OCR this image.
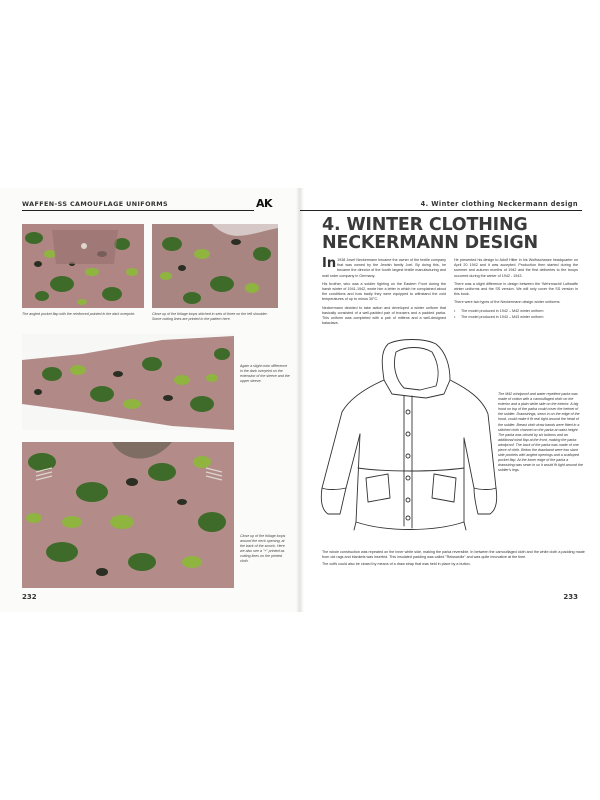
WAFFEN-SS CAMOUFLAGE UNIFORMS	AK
The angled pocket flap with the reinforced pointed in the dark overprint.	Close up of the foliage loops stitched in sets of three on the left shoulder. Some cutting lines are printed in the pattern here.
Again a slight color difference in the dark overprint on the extension of the sleeve and the upper sleeve.
Close up of the foliage loops around the neck opening, at the back of the smock. Here we also see a "+" printed as cutting lines on the printed cloth.
232
4. Winter clothing Neckermann design
4. WINTER CLOTHING
NECKERMANN DESIGN

In 1938 Josef Neckermann became the owner of the textile company that was owned by the Jewish family Joel. By doing this, he became the director of the fourth largest textile manufacturing and mail order company in Germany.

His brother, who was a soldier fighting on the Eastern Front during the harsh winter of 1941-1942, wrote him a letter in which he complained about the conditions and how badly they were equipped to withstand the cold temperatures of up to minus 30°C.

Neckermann decided to take action and developed a winter uniform that basically consisted of a well-padded pair of trousers and a padded parka. This uniform was completed with a pair of mittens and a well-designed balaclava.

He presented his design to Adolf Hitler in his Wolfsschanze headquarter on April 20 1942 and it was accepted. Production then started during the summer and autumn months of 1942 and the first deliveries to the troops occurred during the winter of 1942 - 1943.

There was a slight difference in design between the 'Wehrmacht/ Luftwaffe winter uniforms and the SS version. We will only cover the SS version in this book.

There were two types of the Neckermann design winter uniforms:

•	The model produced in 1942 – M42 winter uniform
•	The model produced in 1943 – M43 winter uniform
The M42 windproof and water repellent parka was made of cotton with a camouflaged cloth on the exterior and a plain white side on the interior. A big hood on top of the parka could cover the helmet of the soldier. Drawstrings, sewn in on the edge of the hood, could make it fit real tight around the head of the soldier. Breast cloth draw bands were fitted in a stitched cloth channel on the parka at waist height. The parka was closed by six buttons and an additional wind flap at the front, making the parka windproof. The back of the parka was made of one piece of cloth. Below the drawband were two slant side pockets with angled openings and a scalloped pocket flap. At the lower edge of the parka a drawstring was sewn in so it would fit tight around the soldier's legs.

The whole construction was repeated on the inner white side, making the parka reversible. In between the camouflaged cloth and the white cloth a padding made from old rags and blankets was inserted. This insulated padding was called "Reisswolle" and was quite innovative at the time.

The cuffs could also be closed by means of a draw strap that was held in place by a button.

233
